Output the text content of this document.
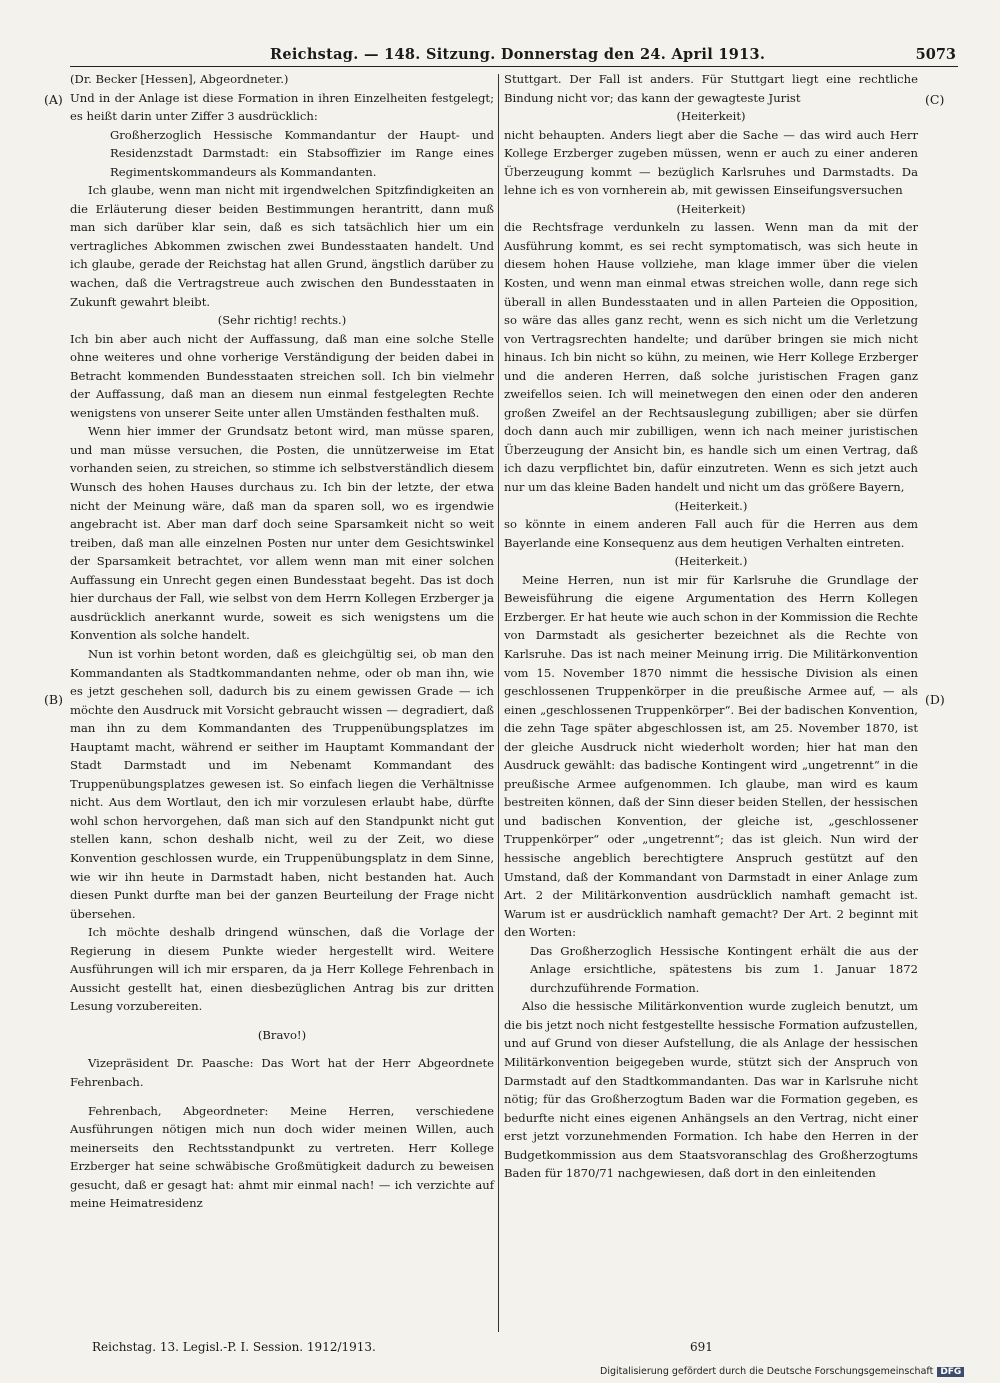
Reichstag. — 148. Sitzung. Donnerstag den 24. April 1913.	5073
(A)
(B)
(C)
(D)

(Dr. Becker [Hessen], Abgeordneter.)

Und in der Anlage ist diese Formation in ihren Einzelheiten festgelegt; es heißt darin unter Ziffer 3 ausdrücklich:

Großherzoglich Hessische Kommandantur der Haupt- und Residenzstadt Darmstadt: ein Stabsoffizier im Range eines Regimentskommandeurs als Kommandanten.

Ich glaube, wenn man nicht mit irgendwelchen Spitzfindigkeiten an die Erläuterung dieser beiden Bestimmungen herantritt, dann muß man sich darüber klar sein, daß es sich tatsächlich hier um ein vertragliches Abkommen zwischen zwei Bundesstaaten handelt. Und ich glaube, gerade der Reichstag hat allen Grund, ängstlich darüber zu wachen, daß die Vertragstreue auch zwischen den Bundesstaaten in Zukunft gewahrt bleibt.

(Sehr richtig! rechts.)

Ich bin aber auch nicht der Auffassung, daß man eine solche Stelle ohne weiteres und ohne vorherige Verständigung der beiden dabei in Betracht kommenden Bundesstaaten streichen soll. Ich bin vielmehr der Auffassung, daß man an diesem nun einmal festgelegten Rechte wenigstens von unserer Seite unter allen Umständen festhalten muß.

Wenn hier immer der Grundsatz betont wird, man müsse sparen, und man müsse versuchen, die Posten, die unnützerweise im Etat vorhanden seien, zu streichen, so stimme ich selbstverständlich diesem Wunsch des hohen Hauses durchaus zu. Ich bin der letzte, der etwa nicht der Meinung wäre, daß man da sparen soll, wo es irgendwie angebracht ist. Aber man darf doch seine Sparsamkeit nicht so weit treiben, daß man alle einzelnen Posten nur unter dem Gesichtswinkel der Sparsamkeit betrachtet, vor allem wenn man mit einer solchen Auffassung ein Unrecht gegen einen Bundesstaat begeht. Das ist doch hier durchaus der Fall, wie selbst von dem Herrn Kollegen Erzberger ja ausdrücklich anerkannt wurde, soweit es sich wenigstens um die Konvention als solche handelt.

Nun ist vorhin betont worden, daß es gleichgültig sei, ob man den Kommandanten als Stadtkommandanten nehme, oder ob man ihn, wie es jetzt geschehen soll, dadurch bis zu einem gewissen Grade — ich möchte den Ausdruck mit Vorsicht gebraucht wissen — degradiert, daß man ihn zu dem Kommandanten des Truppenübungsplatzes im Hauptamt macht, während er seither im Hauptamt Kommandant der Stadt Darmstadt und im Nebenamt Kommandant des Truppenübungsplatzes gewesen ist. So einfach liegen die Verhältnisse nicht. Aus dem Wortlaut, den ich mir vorzulesen erlaubt habe, dürfte wohl schon hervorgehen, daß man sich auf den Standpunkt nicht gut stellen kann, schon deshalb nicht, weil zu der Zeit, wo diese Konvention geschlossen wurde, ein Truppenübungsplatz in dem Sinne, wie wir ihn heute in Darmstadt haben, nicht bestanden hat. Auch diesen Punkt durfte man bei der ganzen Beurteilung der Frage nicht übersehen.

Ich möchte deshalb dringend wünschen, daß die Vorlage der Regierung in diesem Punkte wieder hergestellt wird. Weitere Ausführungen will ich mir ersparen, da ja Herr Kollege Fehrenbach in Aussicht gestellt hat, einen diesbezüglichen Antrag bis zur dritten Lesung vorzubereiten.

(Bravo!)

Vizepräsident Dr. Paasche: Das Wort hat der Herr Abgeordnete Fehrenbach.

Fehrenbach, Abgeordneter: Meine Herren, verschiedene Ausführungen nötigen mich nun doch wider meinen Willen, auch meinerseits den Rechtsstandpunkt zu vertreten. Herr Kollege Erzberger hat seine schwäbische Großmütigkeit dadurch zu beweisen gesucht, daß er gesagt hat: ahmt mir einmal nach! — ich verzichte auf meine Heimatresidenz

Stuttgart. Der Fall ist anders. Für Stuttgart liegt eine rechtliche Bindung nicht vor; das kann der gewagteste Jurist

(Heiterkeit)

nicht behaupten. Anders liegt aber die Sache — das wird auch Herr Kollege Erzberger zugeben müssen, wenn er auch zu einer anderen Überzeugung kommt — bezüglich Karlsruhes und Darmstadts. Da lehne ich es von vornherein ab, mit gewissen Einseifungsversuchen

(Heiterkeit)

die Rechtsfrage verdunkeln zu lassen. Wenn man da mit der Ausführung kommt, es sei recht symptomatisch, was sich heute in diesem hohen Hause vollziehe, man klage immer über die vielen Kosten, und wenn man einmal etwas streichen wolle, dann rege sich überall in allen Bundesstaaten und in allen Parteien die Opposition, so wäre das alles ganz recht, wenn es sich nicht um die Verletzung von Vertragsrechten handelte; und darüber bringen sie mich nicht hinaus. Ich bin nicht so kühn, zu meinen, wie Herr Kollege Erzberger und die anderen Herren, daß solche juristischen Fragen ganz zweifellos seien. Ich will meinetwegen den einen oder den anderen großen Zweifel an der Rechtsauslegung zubilligen; aber sie dürfen doch dann auch mir zubilligen, wenn ich nach meiner juristischen Überzeugung der Ansicht bin, es handle sich um einen Vertrag, daß ich dazu verpflichtet bin, dafür einzutreten. Wenn es sich jetzt auch nur um das kleine Baden handelt und nicht um das größere Bayern,

(Heiterkeit.)

so könnte in einem anderen Fall auch für die Herren aus dem Bayerlande eine Konsequenz aus dem heutigen Verhalten eintreten.

(Heiterkeit.)

Meine Herren, nun ist mir für Karlsruhe die Grundlage der Beweisführung die eigene Argumentation des Herrn Kollegen Erzberger. Er hat heute wie auch schon in der Kommission die Rechte von Darmstadt als gesicherter bezeichnet als die Rechte von Karlsruhe. Das ist nach meiner Meinung irrig. Die Militärkonvention vom 15. November 1870 nimmt die hessische Division als einen geschlossenen Truppenkörper in die preußische Armee auf, — als einen „geschlossenen Truppenkörper“. Bei der badischen Konvention, die zehn Tage später abgeschlossen ist, am 25. November 1870, ist der gleiche Ausdruck nicht wiederholt worden; hier hat man den Ausdruck gewählt: das badische Kontingent wird „ungetrennt“ in die preußische Armee aufgenommen. Ich glaube, man wird es kaum bestreiten können, daß der Sinn dieser beiden Stellen, der hessischen und badischen Konvention, der gleiche ist, „geschlossener Truppenkörper“ oder „ungetrennt“; das ist gleich. Nun wird der hessische angeblich berechtigtere Anspruch gestützt auf den Umstand, daß der Kommandant von Darmstadt in einer Anlage zum Art. 2 der Militärkonvention ausdrücklich namhaft gemacht ist. Warum ist er ausdrücklich namhaft gemacht? Der Art. 2 beginnt mit den Worten:

Das Großherzoglich Hessische Kontingent erhält die aus der Anlage ersichtliche, spätestens bis zum 1. Januar 1872 durchzuführende Formation.

Also die hessische Militärkonvention wurde zugleich benutzt, um die bis jetzt noch nicht festgestellte hessische Formation aufzustellen, und auf Grund von dieser Aufstellung, die als Anlage der hessischen Militärkonvention beigegeben wurde, stützt sich der Anspruch von Darmstadt auf den Stadtkommandanten. Das war in Karlsruhe nicht nötig; für das Großherzogtum Baden war die Formation gegeben, es bedurfte nicht eines eigenen Anhängsels an den Vertrag, nicht einer erst jetzt vorzunehmenden Formation. Ich habe den Herren in der Budgetkommission aus dem Staatsvoranschlag des Großherzogtums Baden für 1870/71 nachgewiesen, daß dort in den einleitenden

Reichstag. 13. Legisl.-P. I. Session. 1912/1913.	691
Digitalisierung gefördert durch die Deutsche Forschungsgemeinschaft DFG
